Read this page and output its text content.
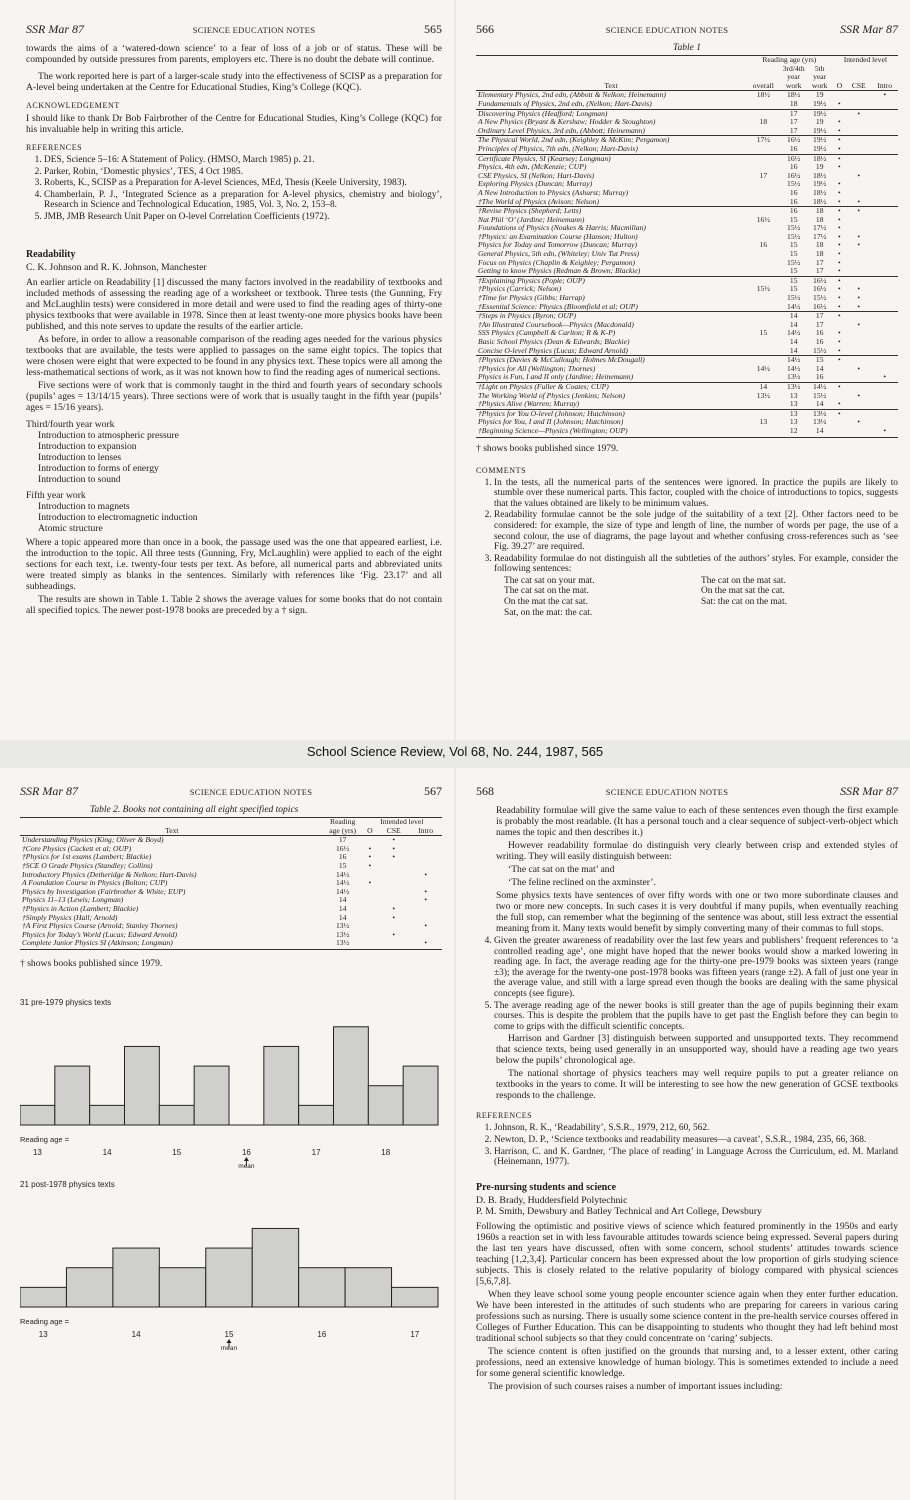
SSR Mar 87	SCIENCE EDUCATION NOTES	565

towards the aims of a ‘watered-down science’ to a fear of loss of a job or of status. These will be compounded by outside pressures from parents, employers etc. There is no doubt the debate will continue.

The work reported here is part of a larger-scale study into the effectiveness of SCISP as a preparation for A-level being undertaken at the Centre for Educational Studies, King’s College (KQC).

ACKNOWLEDGEMENT

I should like to thank Dr Bob Fairbrother of the Centre for Educational Studies, King’s College (KQC) for his invaluable help in writing this article.

REFERENCES
1. DES, Science 5–16: A Statement of Policy. (HMSO, March 1985) p. 21.
2. Parker, Robin, ‘Domestic physics’, TES, 4 Oct 1985.
3. Roberts, K., SCISP as a Preparation for A-level Sciences, MEd, Thesis (Keele University, 1983).
4. Chamberlain, P. J., ‘Integrated Science as a preparation for A-level physics, chemistry and biology’, Research in Science and Technological Education, 1985, Vol. 3, No. 2, 153–8.
5. JMB, JMB Research Unit Paper on O-level Correlation Coefficients (1972).
Readability
C. K. Johnson and R. K. Johnson, Manchester

An earlier article on Readability [1] discussed the many factors involved in the readability of textbooks and included methods of assessing the reading age of a worksheet or textbook. Three tests (the Gunning, Fry and McLaughlin tests) were considered in more detail and were used to find the reading ages of thirty-one physics textbooks that were available in 1978. Since then at least twenty-one more physics books have been published, and this note serves to update the results of the earlier article.

As before, in order to allow a reasonable comparison of the reading ages needed for the various physics textbooks that are available, the tests were applied to passages on the same eight topics. The topics that were chosen were eight that were expected to be found in any physics text. These topics were all among the less-mathematical sections of work, as it was not known how to find the reading ages of numerical sections.

Five sections were of work that is commonly taught in the third and fourth years of secondary schools (pupils’ ages = 13/14/15 years). Three sections were of work that is usually taught in the fifth year (pupils’ ages = 15/16 years).

Third/fourth year work
Introduction to atmospheric pressure
Introduction to expansion
Introduction to lenses
Introduction to forms of energy
Introduction to sound
Fifth year work
Introduction to magnets
Introduction to electromagnetic induction
Atomic structure

Where a topic appeared more than once in a book, the passage used was the one that appeared earliest, i.e. the introduction to the topic. All three tests (Gunning, Fry, McLaughlin) were applied to each of the eight sections for each text, i.e. twenty-four tests per text. As before, all numerical parts and abbreviated units were treated simply as blanks in the sentences. Similarly with references like ‘Fig. 23.17’ and all subheadings.

The results are shown in Table 1. Table 2 shows the average values for some books that do not contain all specified topics. The newer post-1978 books are preceded by a † sign.

566	SCIENCE EDUCATION NOTES	SSR Mar 87
Table 1
	Reading age (yrs)			Intended level		
Text	overall	3rd/4th year work	5th year work	O	CSE	Intro
Elementary Physics, 2nd edn, (Abbott & Nelkon; Heinemann)	18½	18½	19			•
Fundamentals of Physics, 2nd edn, (Nelkon; Hart-Davis)		18	19½	•		
Discovering Physics (Heafford; Longman)		17	19½		•	
A New Physics (Bryant & Kershaw; Hodder & Stoughton)	18	17	19	•		
Ordinary Level Physics, 3rd edn, (Abbott; Heinemann)		17	19½	•		
The Physical World, 2nd edn, (Keighley & McKim; Pergamon)	17½	16½	19½	•		
Principles of Physics, 7th edn, (Nelkon; Hart-Davis)		16	19½	•		
Certificate Physics, SI (Kearsey; Longman)		16½	18½	•		
Physics, 4th edn, (McKenzie; CUP)		16	19	•		
CSE Physics, SI (Nelkon; Hart-Davis)	17	16½	18½		•	
Exploring Physics (Duncan; Murray)		15½	19½	•		
A New Introduction to Physics (Ashurst; Murray)		16	18½	•		
†The World of Physics (Avison; Nelson)		16	18½	•	•	
†Revise Physics (Shepherd; Letts)		16	18	•	•	
Nat Phil ‘O’ (Jardine; Heinemann)	16½	15	18	•		
Foundations of Physics (Noakes & Harris; Macmillan)		15½	17½	•		
†Physics: an Examination Course (Hanson; Hulton)		15½	17½	•	•	
Physics for Today and Tomorrow (Duncan; Murray)	16	15	18	•	•	
General Physics, 5th edn, (Whiteley; Univ Tut Press)		15	18	•		
Focus on Physics (Chaplin & Keighley; Pergamon)		15½	17	•		
Getting to know Physics (Redman & Brown; Blackie)		15	17	•		
†Explaining Physics (Pople; OUP)		15	16½	•		
†Physics (Carrick; Nelson)	15½	15	16½	•	•	
†Time for Physics (Gibbs; Harrap)		15½	15½	•	•	
†Essential Science: Physics (Bloomfield et al; OUP)		14½	16½	•	•	
†Steps in Physics (Byron; OUP)		14	17	•		
†An Illustrated Coursebook—Physics (Macdonald)		14	17		•	
SSS Physics (Campbell & Carlton; R & K-P)	15	14½	16	•		
Basic School Physics (Dean & Edwards; Blackie)		14	16	•		
Concise O-level Physics (Lucas; Edward Arnold)		14	15½	•		
†Physics (Davies & McCullough; Holmes McDougall)		14½	15	•		
†Physics for All (Wellington; Thornes)	14½	14½	14		•	
Physics is Fun, I and II only (Jardine; Heinemann)		13½	16			•
†Light on Physics (Fuller & Coates; CUP)	14	13½	14½	•		
The Working World of Physics (Jenkins; Nelson)	13½	13	15½		•	
†Physics Alive (Warren; Murray)		13	14	•		
†Physics for You O-level (Johnson; Hutchinson)		13	13½	•		
Physics for You, I and II (Johnson; Hutchinson)	13	13	13½		•	
†Beginning Science—Physics (Wellington; OUP)		12	14			•

† shows books published since 1979.

COMMENTS
1. In the tests, all the numerical parts of the sentences were ignored. In practice the pupils are likely to stumble over these numerical parts. This factor, coupled with the choice of introductions to topics, suggests that the values obtained are likely to be minimum values.
2. Readability formulae cannot be the sole judge of the suitability of a text [2]. Other factors need to be considered: for example, the size of type and length of line, the number of words per page, the use of a second colour, the use of diagrams, the page layout and whether confusing cross-references such as ‘see Fig. 39.27’ are required.
3. Readability formulae do not distinguish all the subtleties of the authors’ styles. For example, consider the following sentences:
The cat sat on your mat.	The cat on the mat sat.
The cat sat on the mat.	On the mat sat the cat.
On the mat the cat sat.	Sat: the cat on the mat.
Sat, on the mat: the cat.
School Science Review, Vol 68, No. 244, 1987, 565
SSR Mar 87	SCIENCE EDUCATION NOTES	567
Table 2. Books not containing all eight specified topics
	Reading age (yrs)	Intended level		
Text		O	CSE	Intro
Understanding Physics (King; Oliver & Boyd)	17		•	
†Core Physics (Cackett et al; OUP)	16½	•	•	
†Physics for 1st exams (Lambert; Blackie)	16	•	•	
†SCE O Grade Physics (Standley; Collins)	15	•		
Introductory Physics (Detheridge & Nelkon; Hart-Davis)	14½			•
A Foundation Course in Physics (Bolton; CUP)	14½	•		
Physics by Investigation (Fairbrother & White; EUP)	14½			•
Physics 11–13 (Lewis; Longman)	14			•
†Physics in Action (Lambert; Blackie)	14		•	
†Simply Physics (Hall; Arnold)	14		•	
†A First Physics Course (Arnold; Stanley Thornes)	13½			•
Physics for Today’s World (Lucas; Edward Arnold)	13½		•	
Complete Junior Physics SI (Atkinson; Longman)	13½			•

† shows books published since 1979.

31 pre-1979 physics texts
Reading age =
13	14	15	16	17	18
mean
21 post-1978 physics texts
Reading age =
13	14	15	16	17
mean
568	SCIENCE EDUCATION NOTES	SSR Mar 87

Readability formulae will give the same value to each of these sentences even though the first example is probably the most readable. (It has a personal touch and a clear sequence of subject-verb-object which names the topic and then describes it.)

However readability formulae do distinguish very clearly between crisp and extended styles of writing. They will easily distinguish between:

‘The cat sat on the mat’ and

‘The feline reclined on the axminster’.

Some physics texts have sentences of over fifty words with one or two more subordinate clauses and two or more new concepts. In such cases it is very doubtful if many pupils, when eventually reaching the full stop, can remember what the beginning of the sentence was about, still less extract the essential meaning from it. Many texts would benefit by simply converting many of their commas to full stops.

4. Given the greater awareness of readability over the last few years and publishers’ frequent references to ‘a controlled reading age’, one might have hoped that the newer books would show a marked lowering in reading age. In fact, the average reading age for the thirty-one pre-1979 books was sixteen years (range ±3); the average for the twenty-one post-1978 books was fifteen years (range ±2). A fall of just one year in the average value, and still with a large spread even though the books are dealing with the same physical concepts (see figure).
5. The average reading age of the newer books is still greater than the age of pupils beginning their exam courses. This is despite the problem that the pupils have to get past the English before they can begin to come to grips with the difficult scientific concepts.

Harrison and Gardner [3] distinguish between supported and unsupported texts. They recommend that science texts, being used generally in an unsupported way, should have a reading age two years below the pupils’ chronological age.

The national shortage of physics teachers may well require pupils to put a greater reliance on textbooks in the years to come. It will be interesting to see how the new generation of GCSE textbooks responds to the challenge.

REFERENCES
1. Johnson, R. K., ‘Readability’, S.S.R., 1979, 212, 60, 562.
2. Newton, D. P., ‘Science textbooks and readability measures—a caveat’, S.S.R., 1984, 235, 66, 368.
3. Harrison, C. and K. Gardner, ‘The place of reading’ in Language Across the Curriculum, ed. M. Marland (Heinemann, 1977).
Pre-nursing students and science
D. B. Brady, Huddersfield Polytechnic
P. M. Smith, Dewsbury and Batley Technical and Art College, Dewsbury

Following the optimistic and positive views of science which featured prominently in the 1950s and early 1960s a reaction set in with less favourable attitudes towards science being expressed. Several papers during the last ten years have discussed, often with some concern, school students’ attitudes towards science teaching [1,2,3,4]. Particular concern has been expressed about the low proportion of girls studying science subjects. This is closely related to the relative popularity of biology compared with physical sciences [5,6,7,8].

When they leave school some young people encounter science again when they enter further education. We have been interested in the attitudes of such students who are preparing for careers in various caring professions such as nursing. There is usually some science content in the pre-health service courses offered in Colleges of Further Education. This can be disappointing to students who thought they had left behind most traditional school subjects so that they could concentrate on ‘caring’ subjects.

The science content is often justified on the grounds that nursing and, to a lesser extent, other caring professions, need an extensive knowledge of human biology. This is sometimes extended to include a need for some general scientific knowledge.

The provision of such courses raises a number of important issues including:
